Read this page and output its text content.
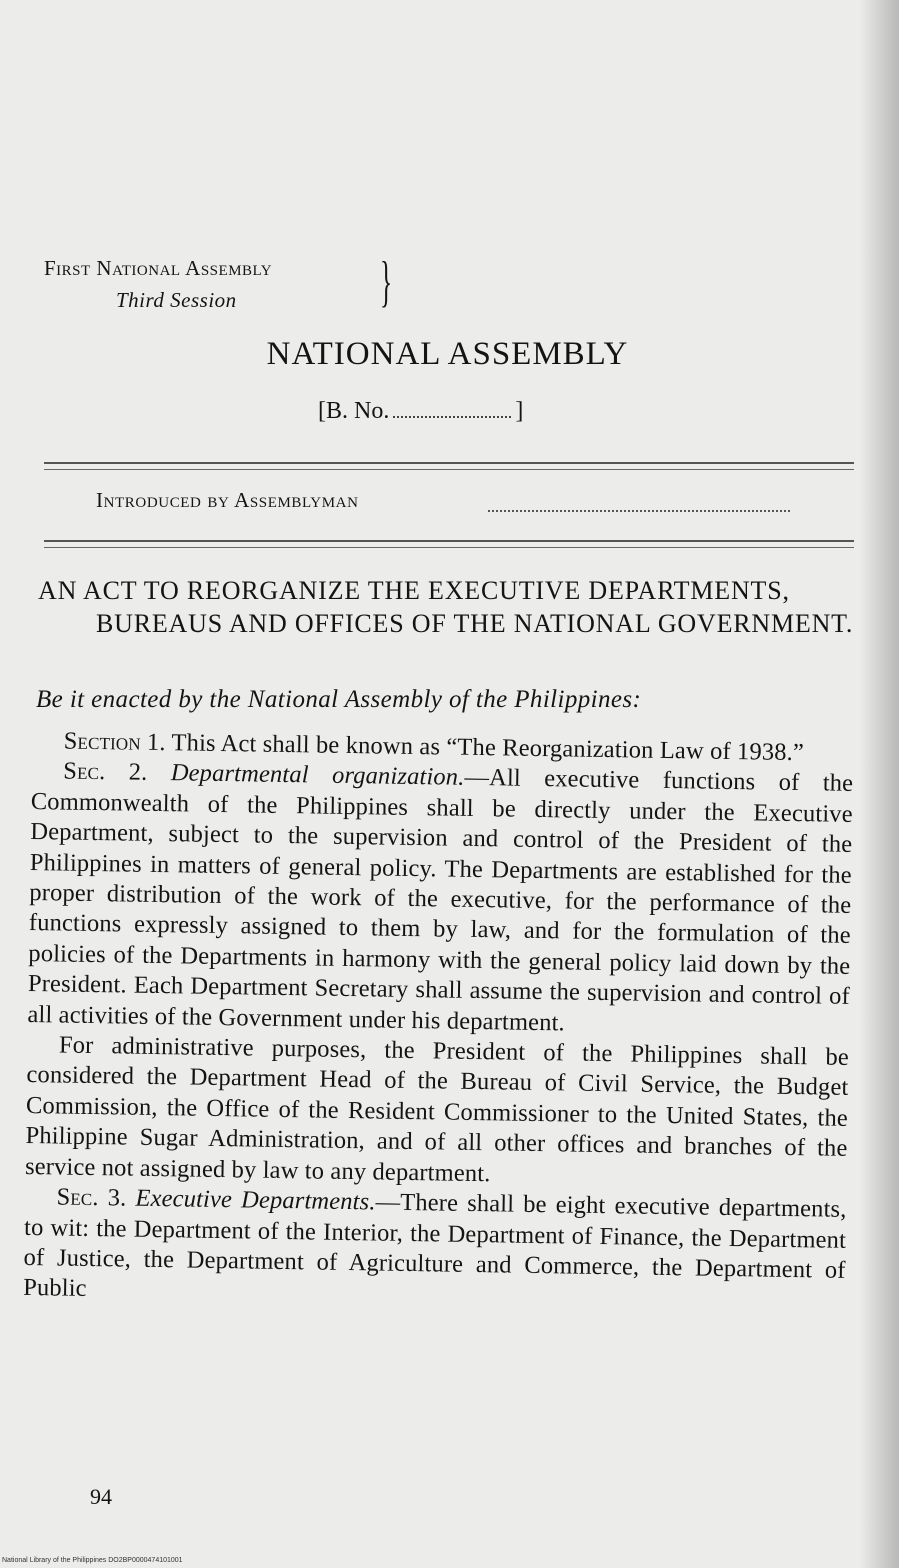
First National Assembly
Third Session	}
NATIONAL ASSEMBLY
[B. No.	]
Introduced by Assemblyman
AN ACT TO REORGANIZE THE EXECUTIVE DEPARTMENTS, BUREAUS AND OFFICES OF THE NATIONAL GOVERNMENT.
Be it enacted by the National Assembly of the Philippines:

Section 1. This Act shall be known as “The Reorganization Law of 1938.”

Sec. 2. Departmental organization.—All executive functions of the Commonwealth of the Philippines shall be directly under the Executive Department, subject to the supervision and control of the President of the Philippines in matters of general policy. The Departments are established for the proper distribution of the work of the executive, for the performance of the functions expressly assigned to them by law, and for the formulation of the policies of the Departments in harmony with the general policy laid down by the President. Each Department Secretary shall assume the supervision and control of all activities of the Government under his department.

For administrative purposes, the President of the Philippines shall be considered the Department Head of the Bureau of Civil Service, the Budget Commission, the Office of the Resident Commissioner to the United States, the Philippine Sugar Administration, and of all other offices and branches of the service not assigned by law to any department.

Sec. 3. Executive Departments.—There shall be eight executive departments, to wit: the Department of the Interior, the Department of Finance, the Department of Justice, the Department of Agriculture and Commerce, the Department of Public

94
National Library of the Philippines DO2BP0000474101001
